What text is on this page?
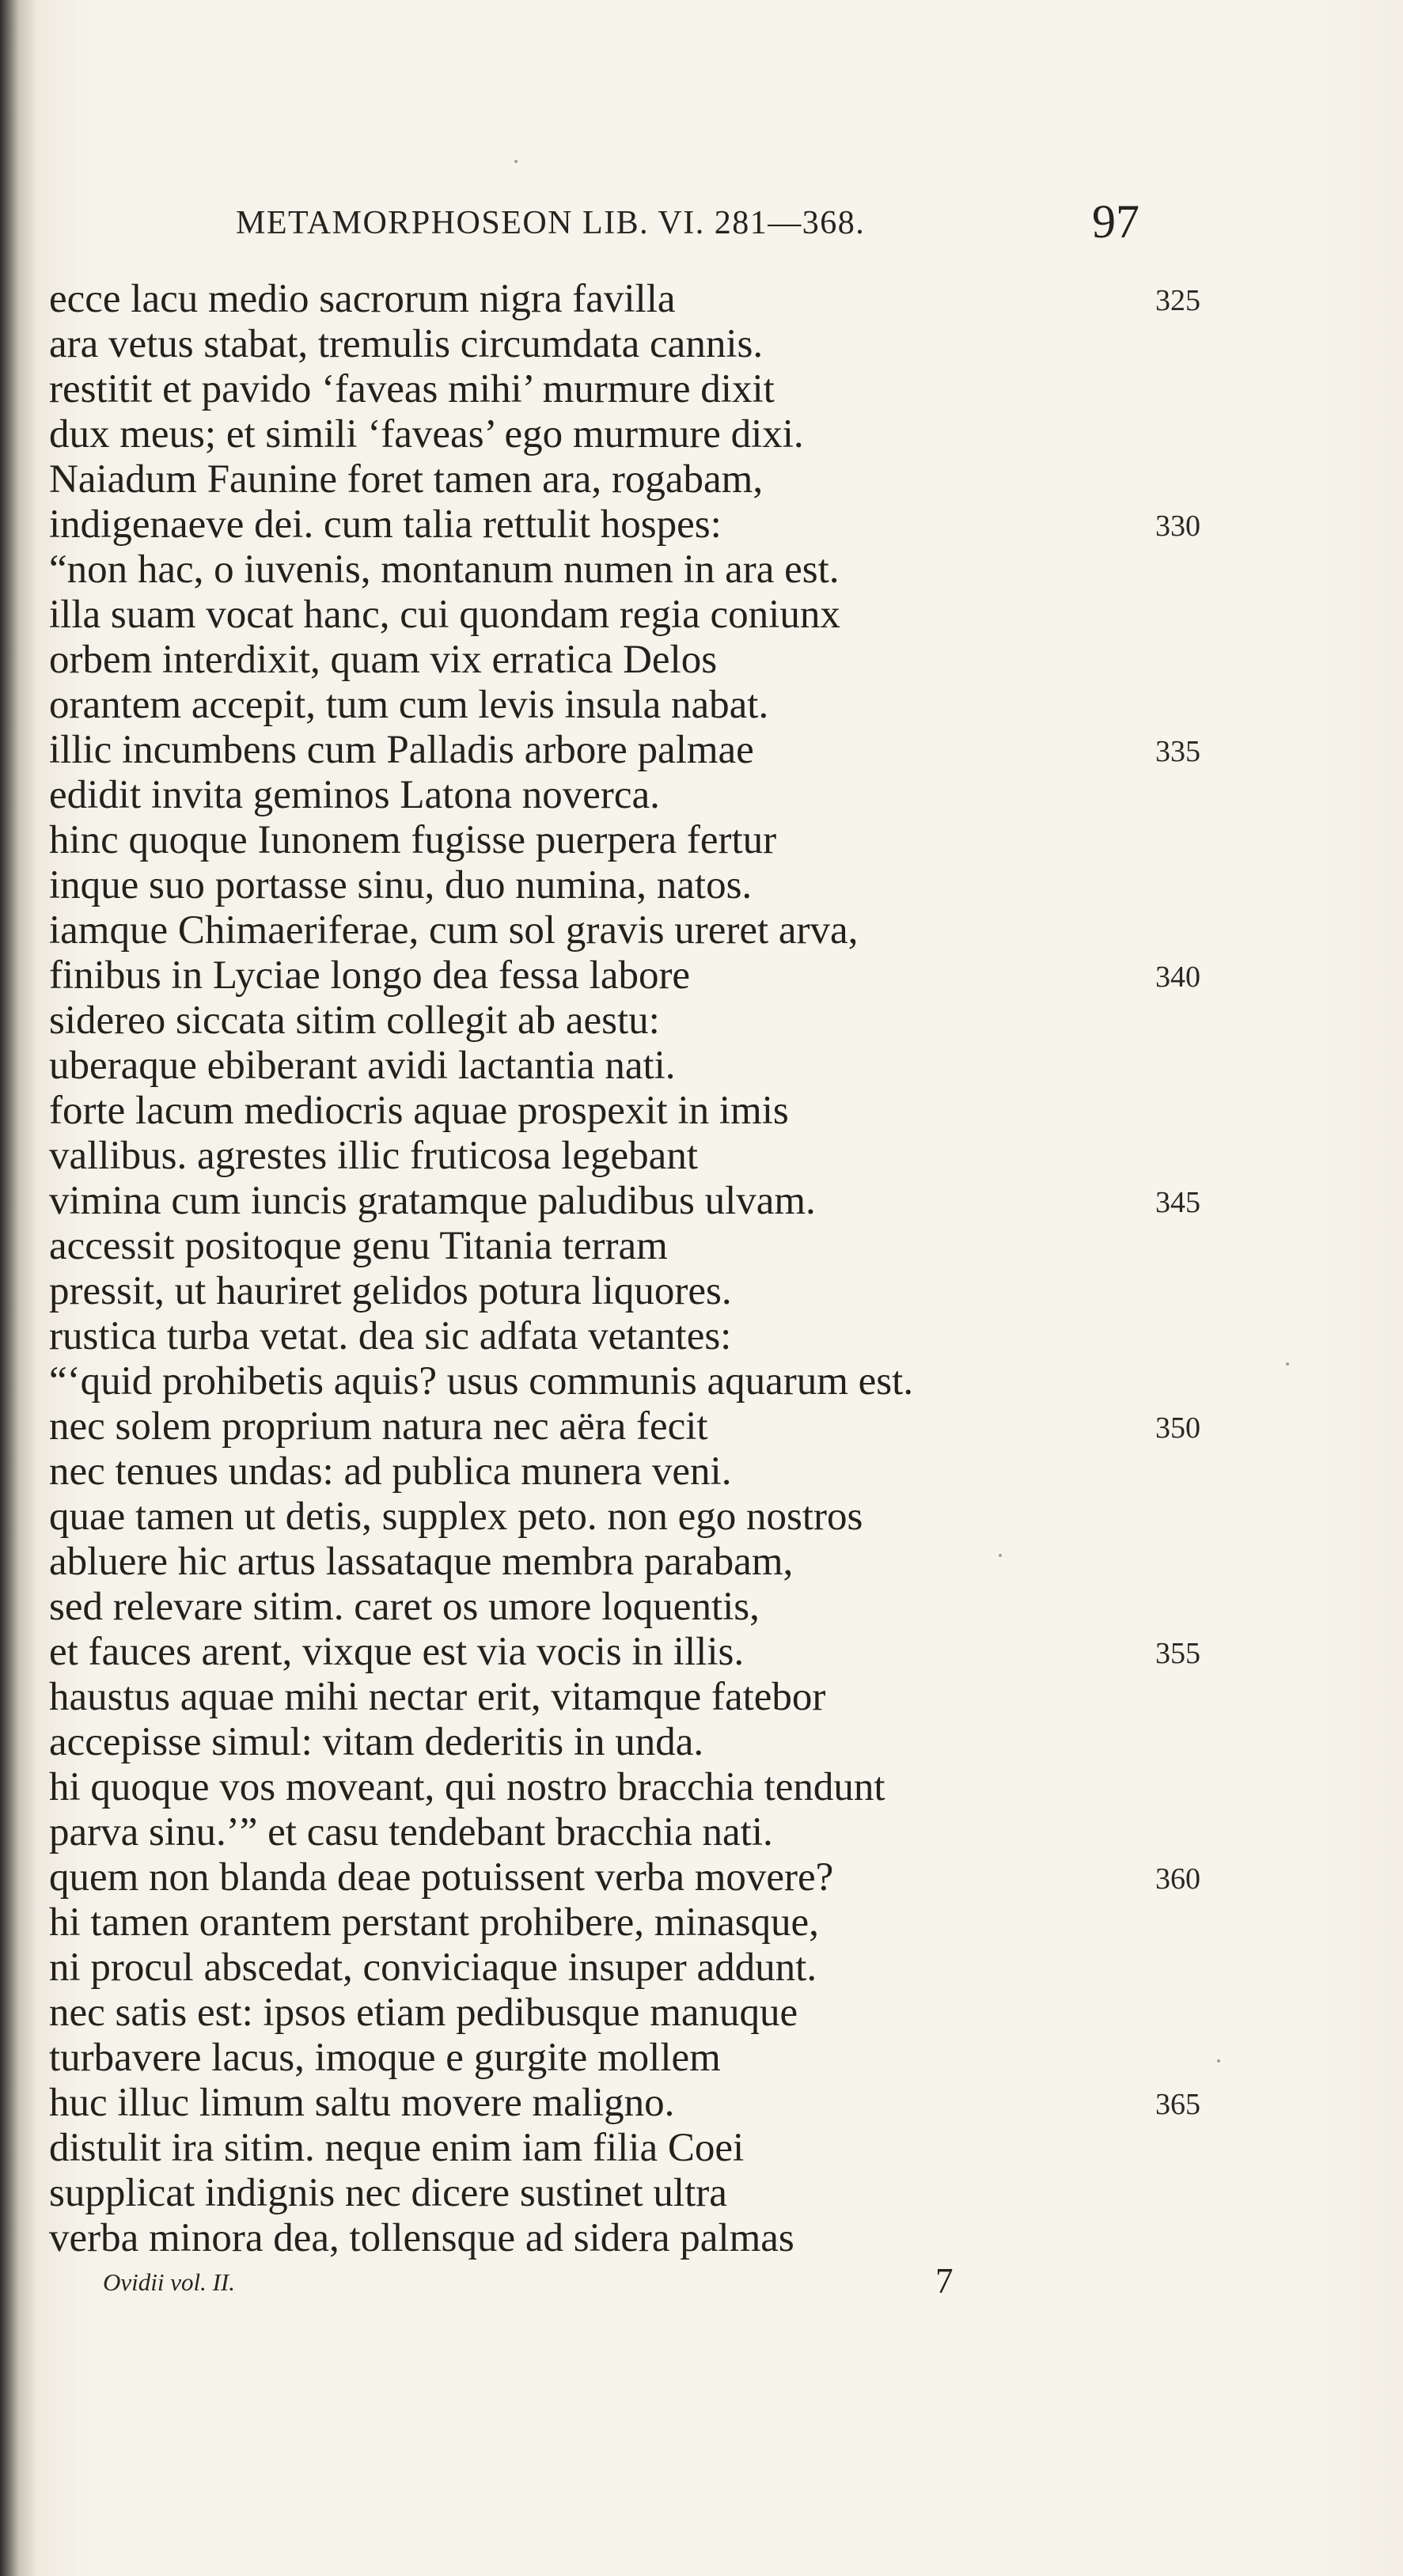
METAMORPHOSEON LIB. VI. 281—368.	97
ecce lacu medio sacrorum nigra favilla	325
ara vetus stabat, tremulis circumdata cannis.
restitit et pavido ‘faveas mihi’ murmure dixit
dux meus; et simili ‘faveas’ ego murmure dixi.
Naiadum Faunine foret tamen ara, rogabam,
indigenaeve dei. cum talia rettulit hospes:	330
“non hac, o iuvenis, montanum numen in ara est.
illa suam vocat hanc, cui quondam regia coniunx
orbem interdixit, quam vix erratica Delos
orantem accepit, tum cum levis insula nabat.
illic incumbens cum Palladis arbore palmae	335
edidit invita geminos Latona noverca.
hinc quoque Iunonem fugisse puerpera fertur
inque suo portasse sinu, duo numina, natos.
iamque Chimaeriferae, cum sol gravis ureret arva,
finibus in Lyciae longo dea fessa labore	340
sidereo siccata sitim collegit ab aestu:
uberaque ebiberant avidi lactantia nati.
forte lacum mediocris aquae prospexit in imis
vallibus. agrestes illic fruticosa legebant
vimina cum iuncis gratamque paludibus ulvam.	345
accessit positoque genu Titania terram
pressit, ut hauriret gelidos potura liquores.
rustica turba vetat. dea sic adfata vetantes:
“‘quid prohibetis aquis? usus communis aquarum est.
nec solem proprium natura nec aëra fecit	350
nec tenues undas: ad publica munera veni.
quae tamen ut detis, supplex peto. non ego nostros
abluere hic artus lassataque membra parabam,
sed relevare sitim. caret os umore loquentis,
et fauces arent, vixque est via vocis in illis.	355
haustus aquae mihi nectar erit, vitamque fatebor
accepisse simul: vitam dederitis in unda.
hi quoque vos moveant, qui nostro bracchia tendunt
parva sinu.’” et casu tendebant bracchia nati.
quem non blanda deae potuissent verba movere?	360
hi tamen orantem perstant prohibere, minasque,
ni procul abscedat, conviciaque insuper addunt.
nec satis est: ipsos etiam pedibusque manuque
turbavere lacus, imoque e gurgite mollem
huc illuc limum saltu movere maligno.	365
distulit ira sitim. neque enim iam filia Coei
supplicat indignis nec dicere sustinet ultra
verba minora dea, tollensque ad sidera palmas
Ovidii vol. II.	7
